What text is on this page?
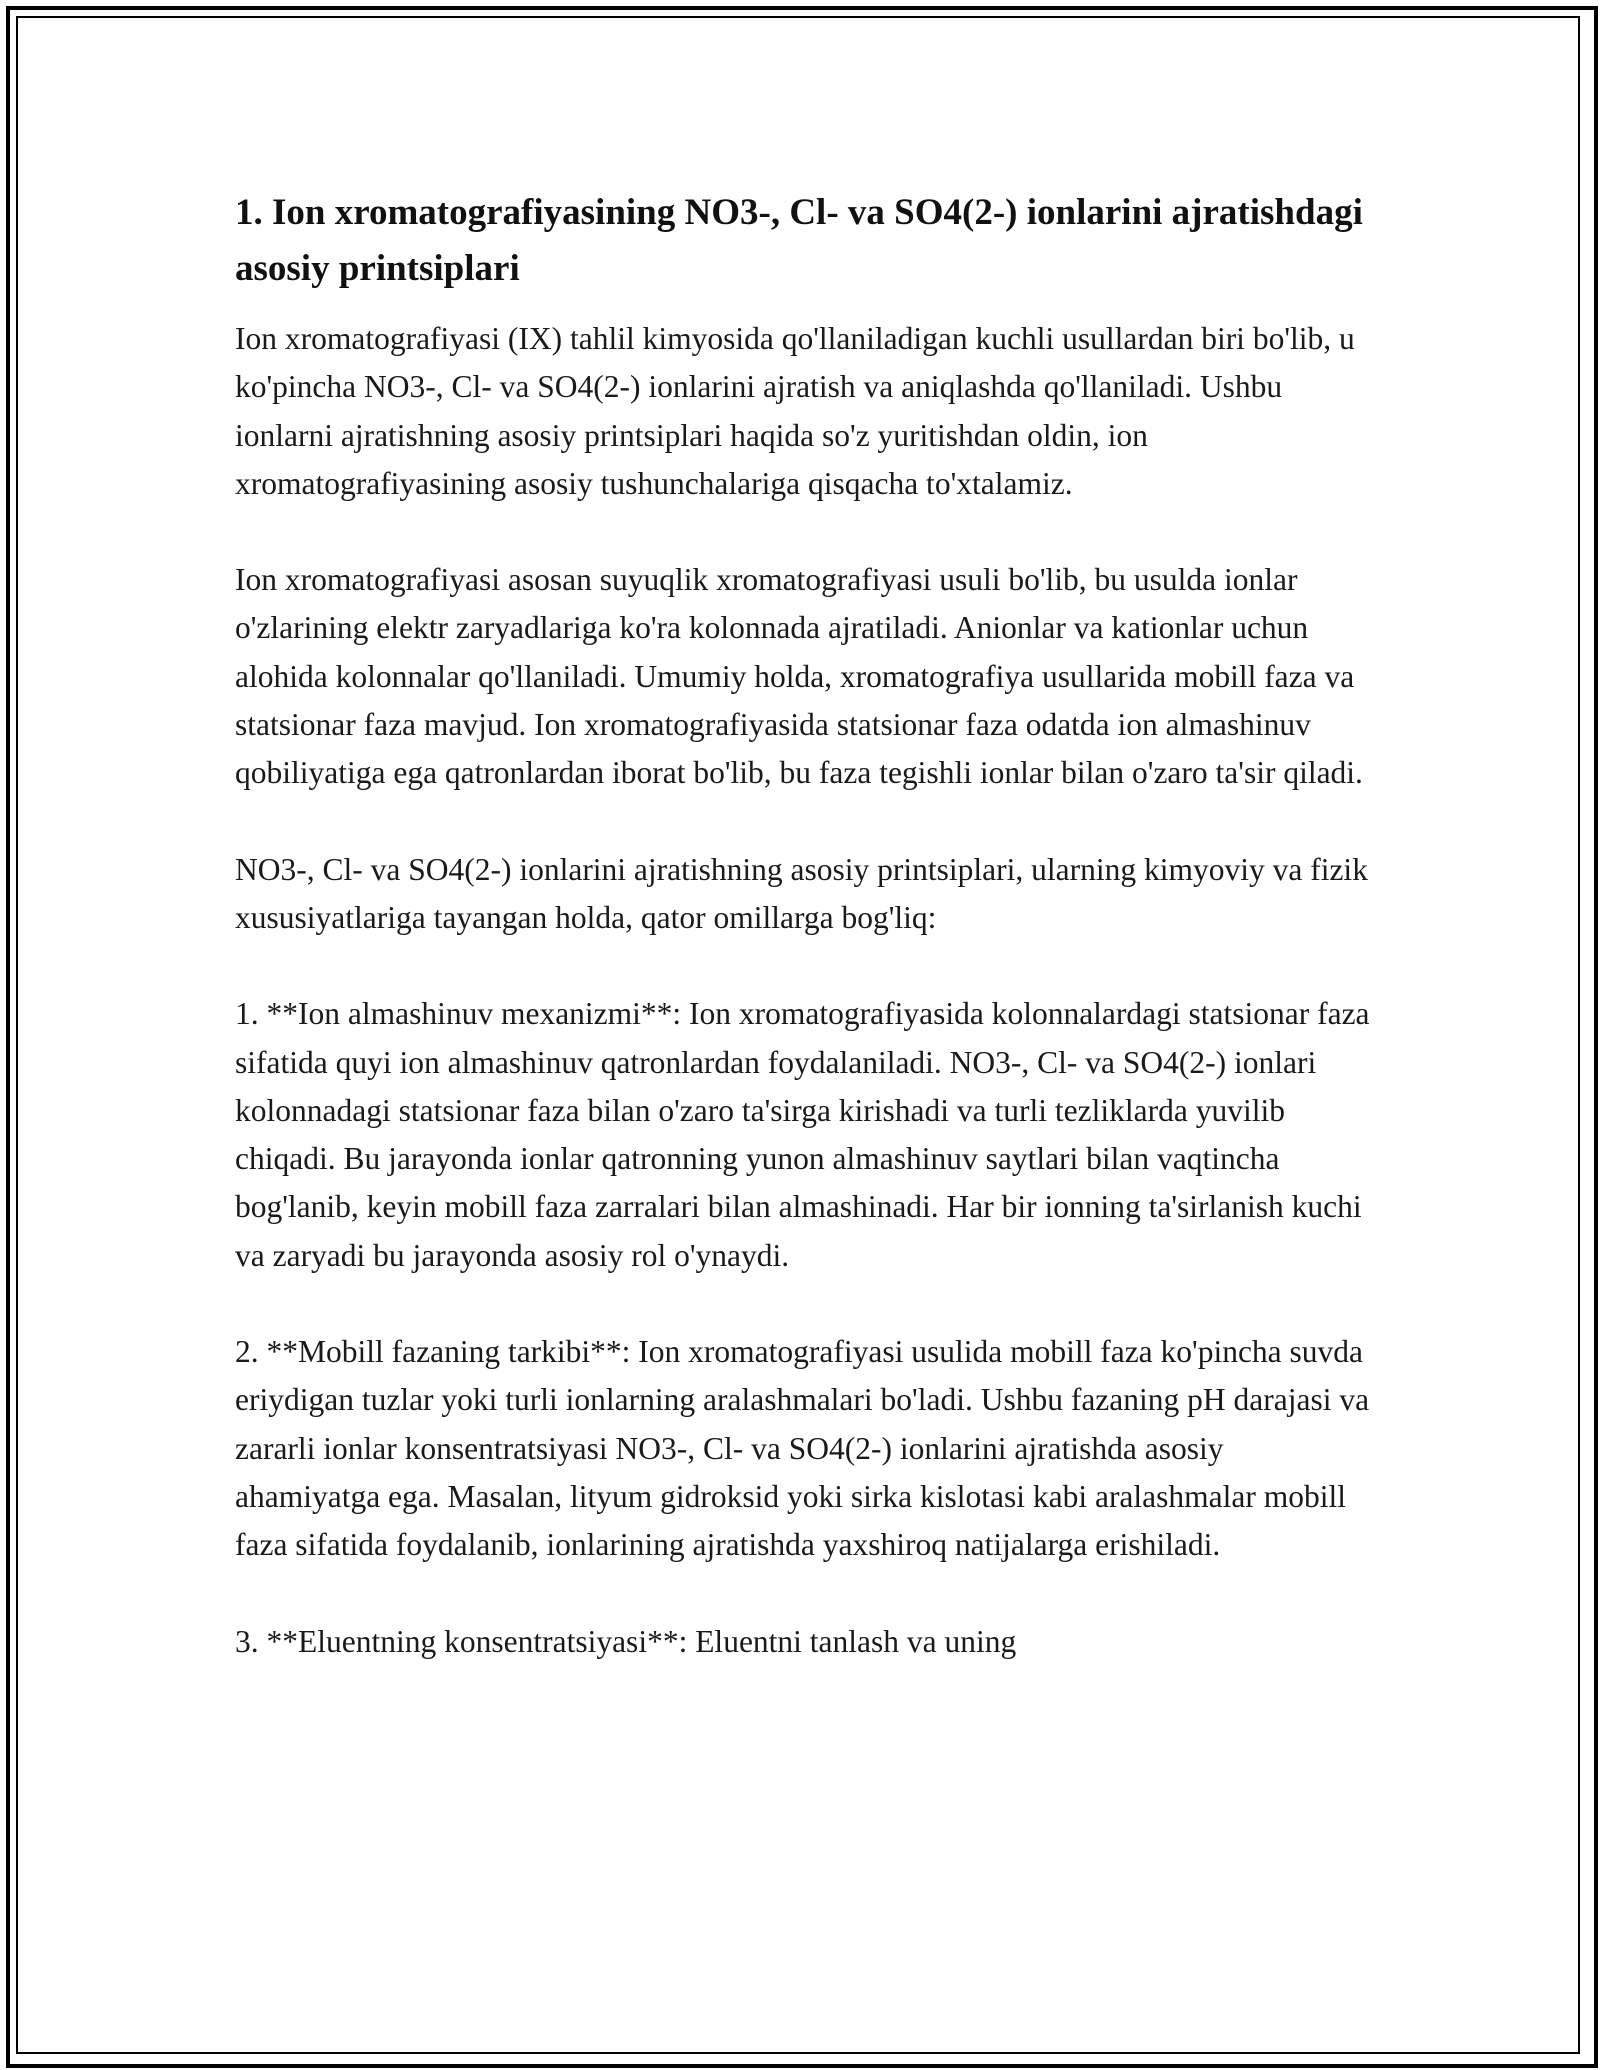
1. Ion xromatografiyasining NO3-, Cl- va SO4(2-) ionlarini ajratishdagi asosiy printsiplari

Ion xromatografiyasi (IX) tahlil kimyosida qo'llaniladigan kuchli usullardan biri bo'lib, u ko'pincha NO3-, Cl- va SO4(2-) ionlarini ajratish va aniqlashda qo'llaniladi. Ushbu ionlarni ajratishning asosiy printsiplari haqida so'z yuritishdan oldin, ion xromatografiyasining asosiy tushunchalariga qisqacha to'xtalamiz.

Ion xromatografiyasi asosan suyuqlik xromatografiyasi usuli bo'lib, bu usulda ionlar o'zlarining elektr zaryadlariga ko'ra kolonnada ajratiladi. Anionlar va kationlar uchun alohida kolonnalar qo'llaniladi. Umumiy holda, xromatografiya usullarida mobill faza va statsionar faza mavjud. Ion xromatografiyasida statsionar faza odatda ion almashinuv qobiliyatiga ega qatronlardan iborat bo'lib, bu faza tegishli ionlar bilan o'zaro ta'sir qiladi.

NO3-, Cl- va SO4(2-) ionlarini ajratishning asosiy printsiplari, ularning kimyoviy va fizik xususiyatlariga tayangan holda, qator omillarga bog'liq:

1. **Ion almashinuv mexanizmi**: Ion xromatografiyasida kolonnalardagi statsionar faza sifatida quyi ion almashinuv qatronlardan foydalaniladi. NO3-, Cl- va SO4(2-) ionlari kolonnadagi statsionar faza bilan o'zaro ta'sirga kirishadi va turli tezliklarda yuvilib chiqadi. Bu jarayonda ionlar qatronning yunon almashinuv saytlari bilan vaqtincha bog'lanib, keyin mobill faza zarralari bilan almashinadi. Har bir ionning ta'sirlanish kuchi va zaryadi bu jarayonda asosiy rol o'ynaydi.

2. **Mobill fazaning tarkibi**: Ion xromatografiyasi usulida mobill faza ko'pincha suvda eriydigan tuzlar yoki turli ionlarning aralashmalari bo'ladi. Ushbu fazaning pH darajasi va zararli ionlar konsentratsiyasi NO3-, Cl- va SO4(2-) ionlarini ajratishda asosiy ahamiyatga ega. Masalan, lityum gidroksid yoki sirka kislotasi kabi aralashmalar mobill faza sifatida foydalanib, ionlarining ajratishda yaxshiroq natijalarga erishiladi.

3. **Eluentning konsentratsiyasi**: Eluentni tanlash va uning
